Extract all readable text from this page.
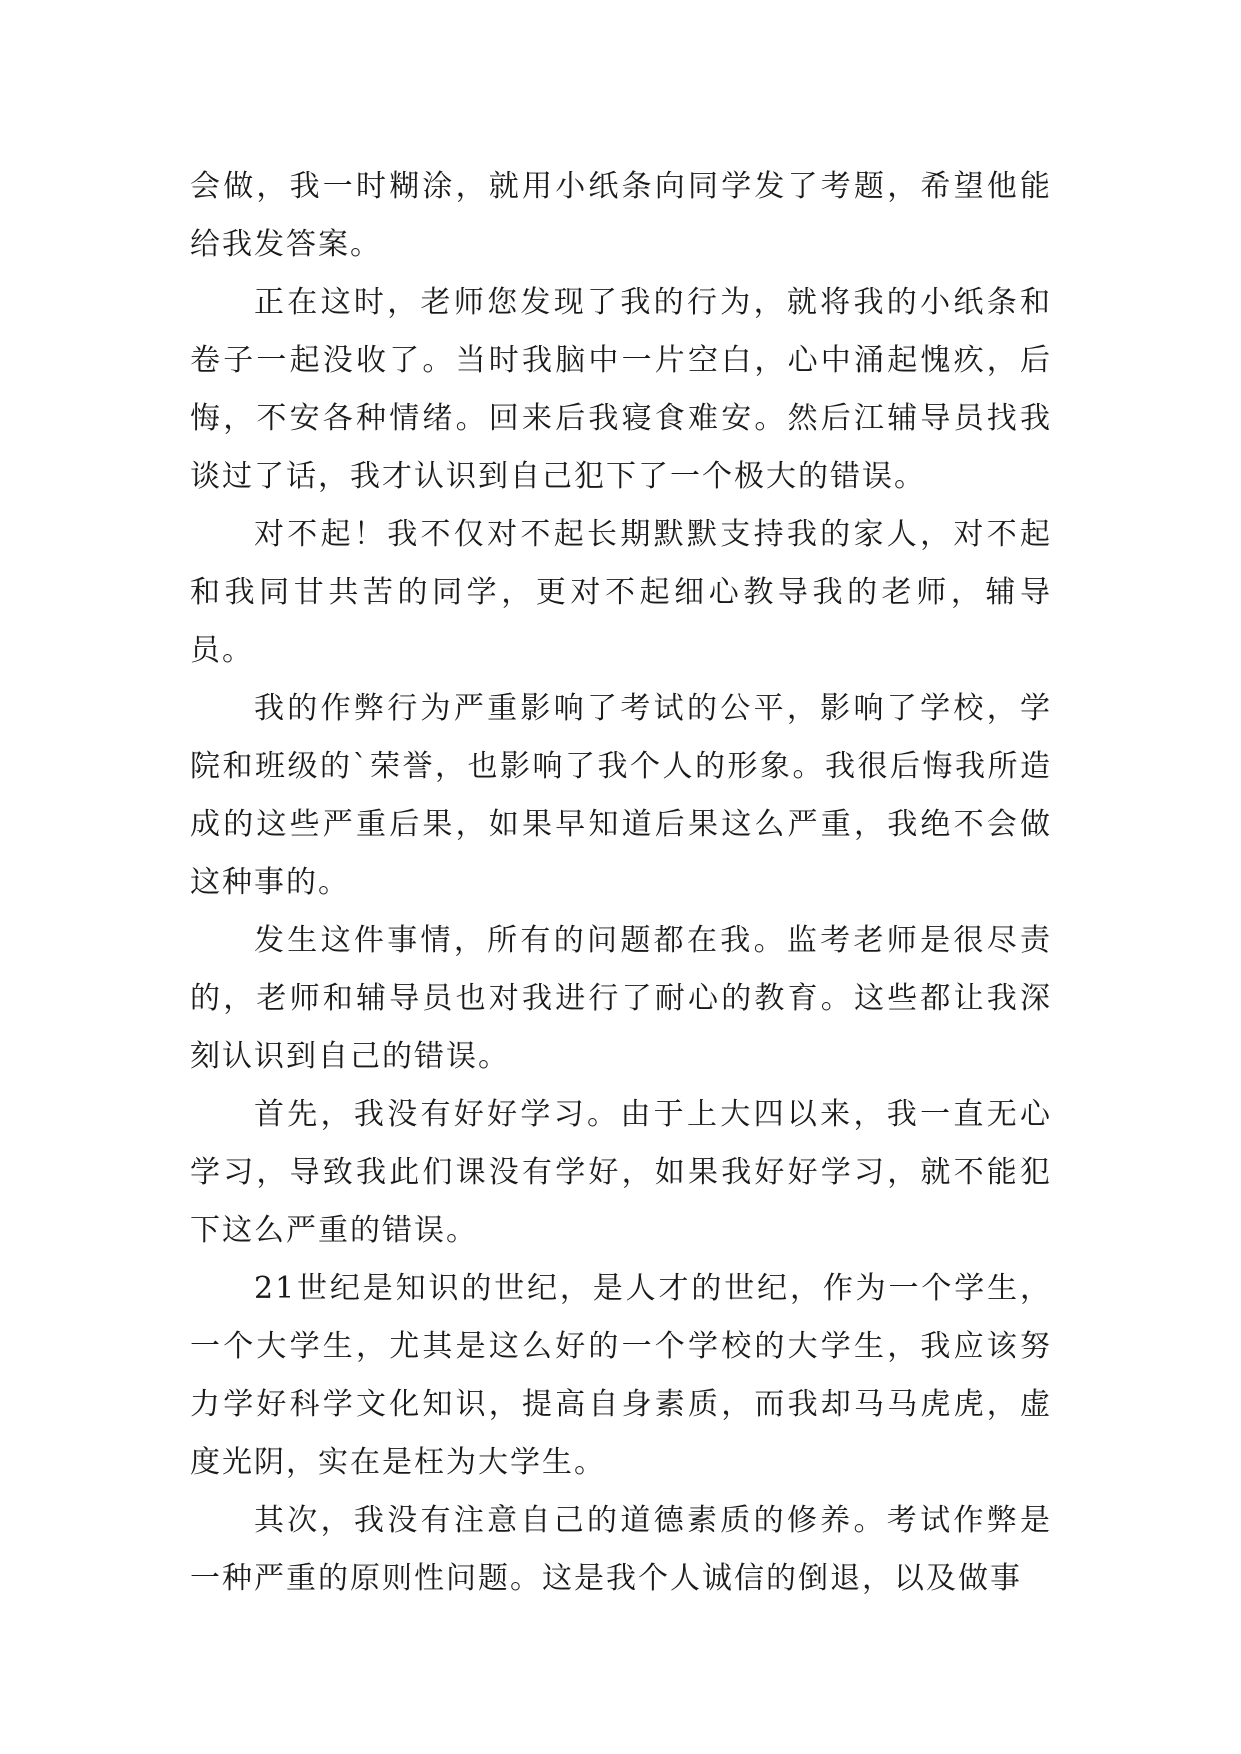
会做，我一时糊涂，就用小纸条向同学发了考题，希望他能给我发答案。

正在这时，老师您发现了我的行为，就将我的小纸条和卷子一起没收了。当时我脑中一片空白，心中涌起愧疚，后悔，不安各种情绪。回来后我寝食难安。然后江辅导员找我谈过了话，我才认识到自己犯下了一个极大的错误。

对不起！我不仅对不起长期默默支持我的家人，对不起和我同甘共苦的同学，更对不起细心教导我的老师，辅导员。

我的作弊行为严重影响了考试的公平，影响了学校，学院和班级的`荣誉，也影响了我个人的形象。我很后悔我所造成的这些严重后果，如果早知道后果这么严重，我绝不会做这种事的。

发生这件事情，所有的问题都在我。监考老师是很尽责的，老师和辅导员也对我进行了耐心的教育。这些都让我深刻认识到自己的错误。

首先，我没有好好学习。由于上大四以来，我一直无心学习，导致我此们课没有学好，如果我好好学习，就不能犯下这么严重的错误。

21世纪是知识的世纪，是人才的世纪，作为一个学生，一个大学生，尤其是这么好的一个学校的大学生，我应该努力学好科学文化知识，提高自身素质，而我却马马虎虎，虚度光阴，实在是枉为大学生。

其次，我没有注意自己的道德素质的修养。考试作弊是一种严重的原则性问题。这是我个人诚信的倒退，以及做事
